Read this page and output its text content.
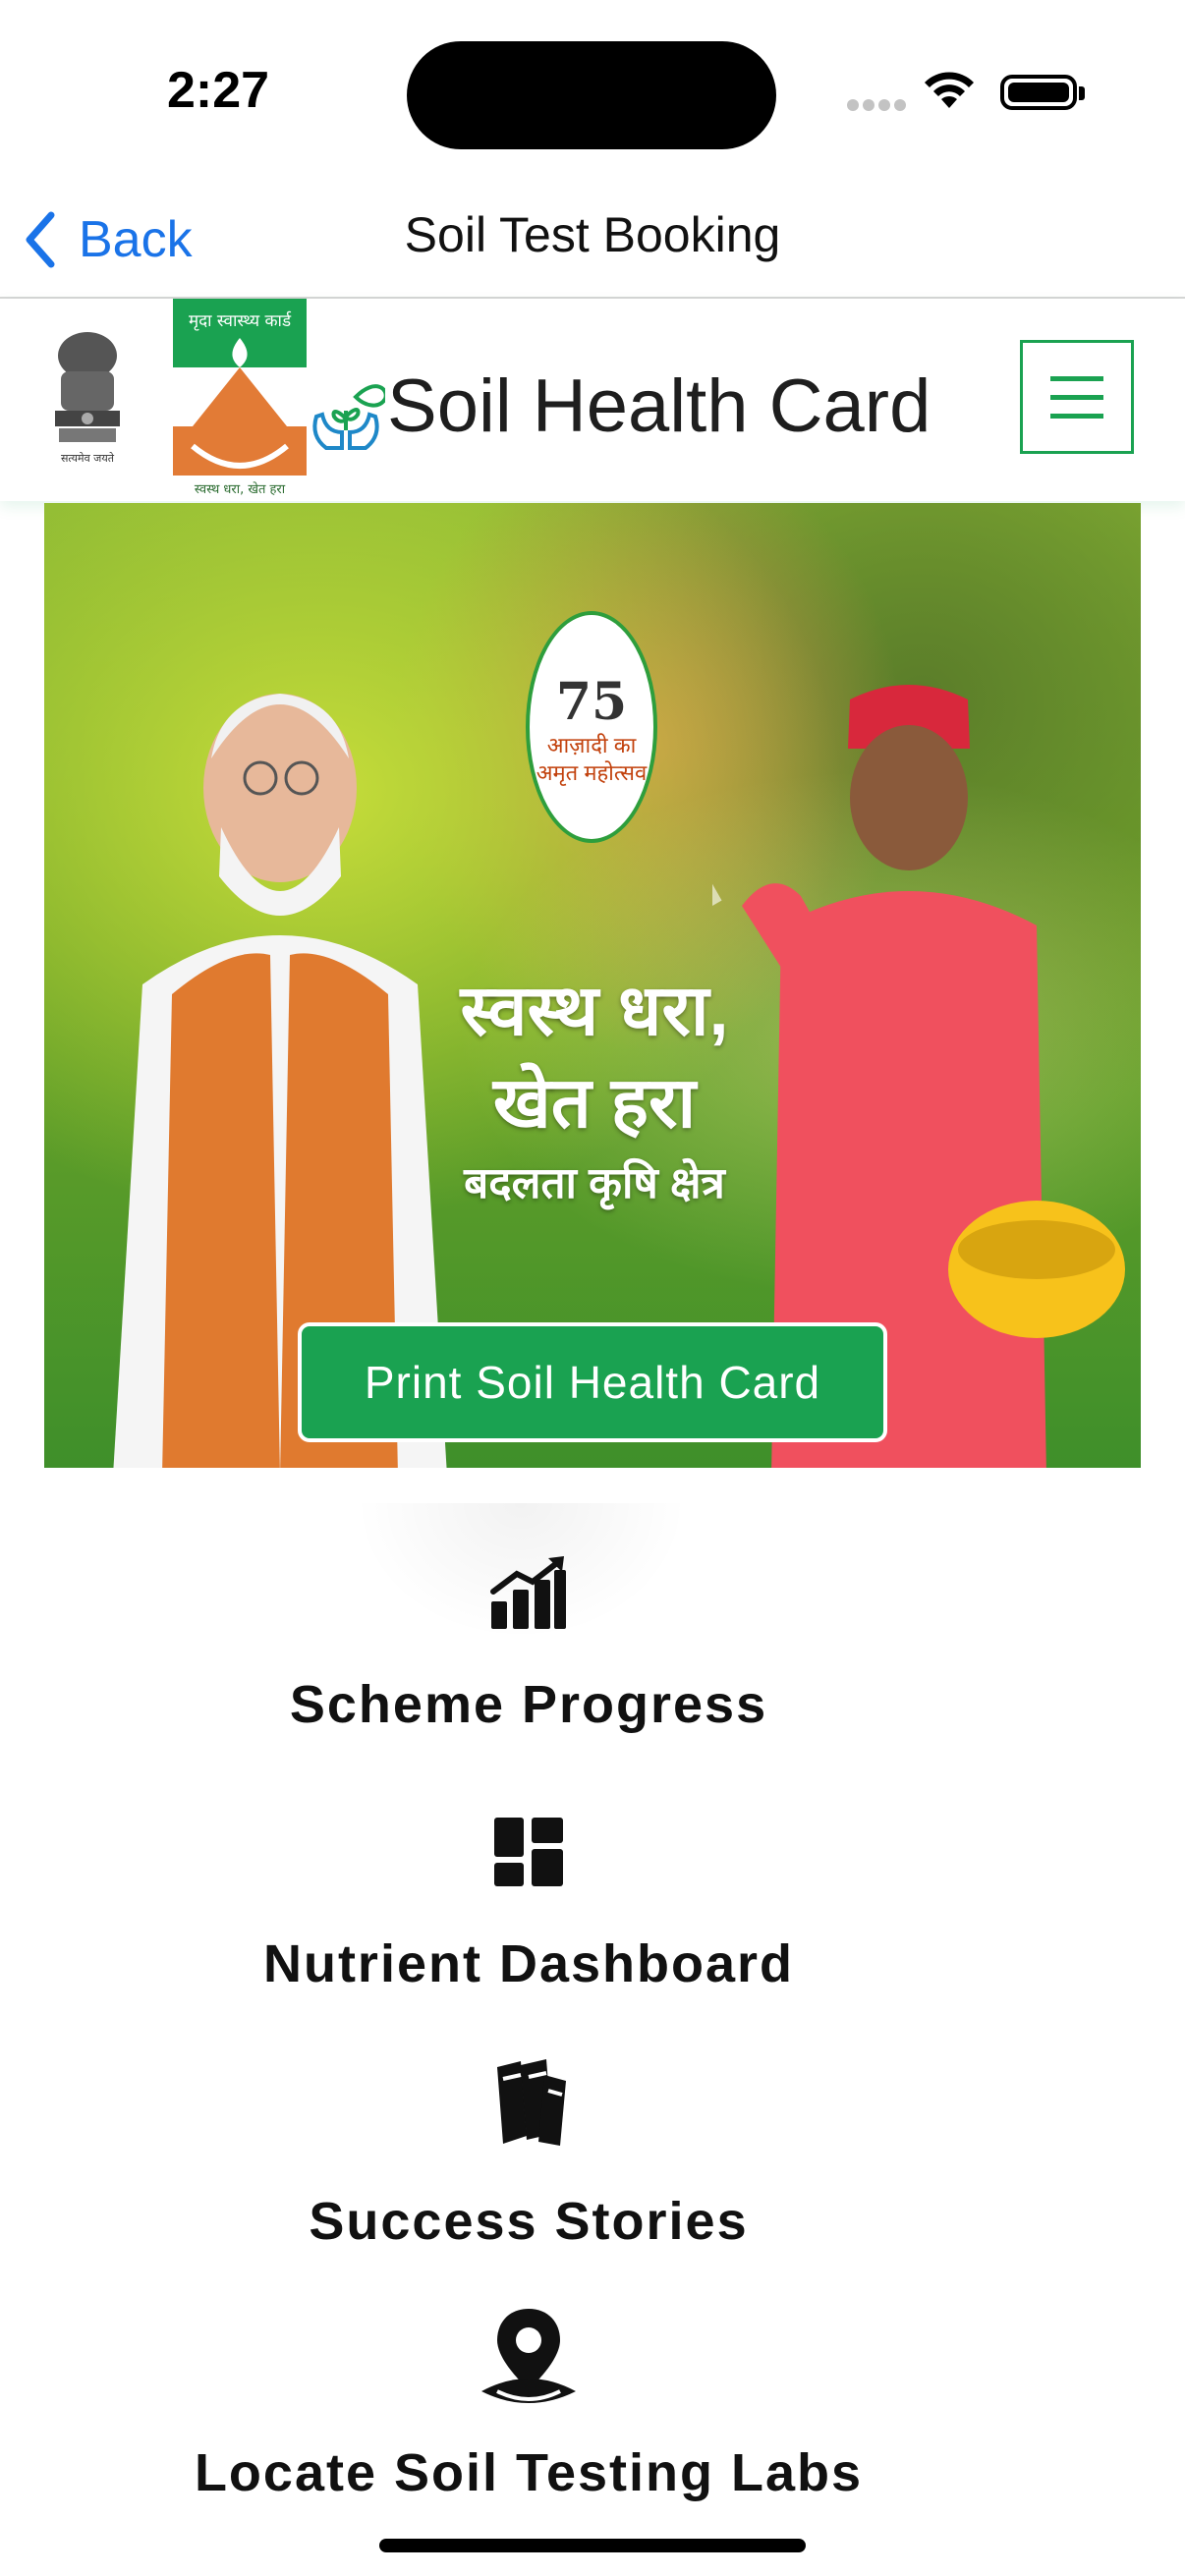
2:27
Back	Soil Test Booking
सत्यमेव जयते
मृदा स्वास्थ्य कार्ड
स्वस्थ धरा, खेत हरा
Soil Health Card
75
आज़ादी का
अमृत महोत्सव
स्वस्थ धरा,
खेत हरा
बदलता कृषि क्षेत्र
Print Soil Health Card
Scheme Progress
Nutrient Dashboard
Success Stories
Locate Soil Testing Labs
